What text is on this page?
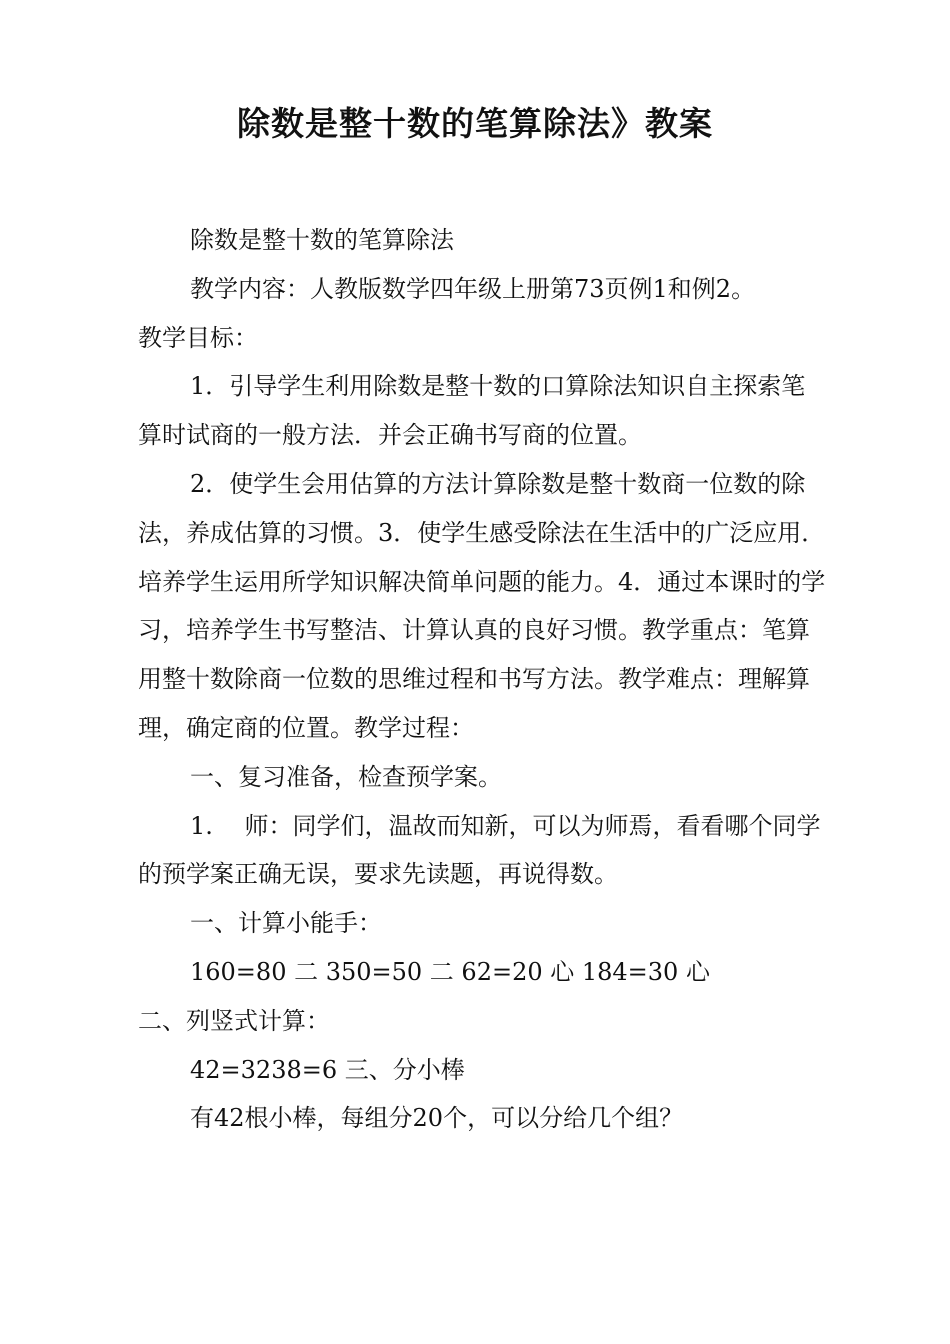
除数是整十数的笔算除法》教案

除数是整十数的笔算除法

教学内容：人教版数学四年级上册第73页例1和例2。

教学目标：

1．引导学生利用除数是整十数的口算除法知识自主探索笔算时试商的一般方法．并会正确书写商的位置。

2．使学生会用估算的方法计算除数是整十数商一位数的除法，养成估算的习惯。3．使学生感受除法在生活中的广泛应用．培养学生运用所学知识解决简单问题的能力。4．通过本课时的学习，培养学生书写整洁、计算认真的良好习惯。教学重点：笔算用整十数除商一位数的思维过程和书写方法。教学难点：理解算理，确定商的位置。教学过程：

一、复习准备，检查预学案。

1.　 师：同学们，温故而知新，可以为师焉，看看哪个同学的预学案正确无误，要求先读题，再说得数。

一、计算小能手：

160=80 二 350=50 二 62=20 心 184=30 心

二、列竖式计算：

42=3238=6 三、分小棒

有42根小棒，每组分20个，可以分给几个组？
